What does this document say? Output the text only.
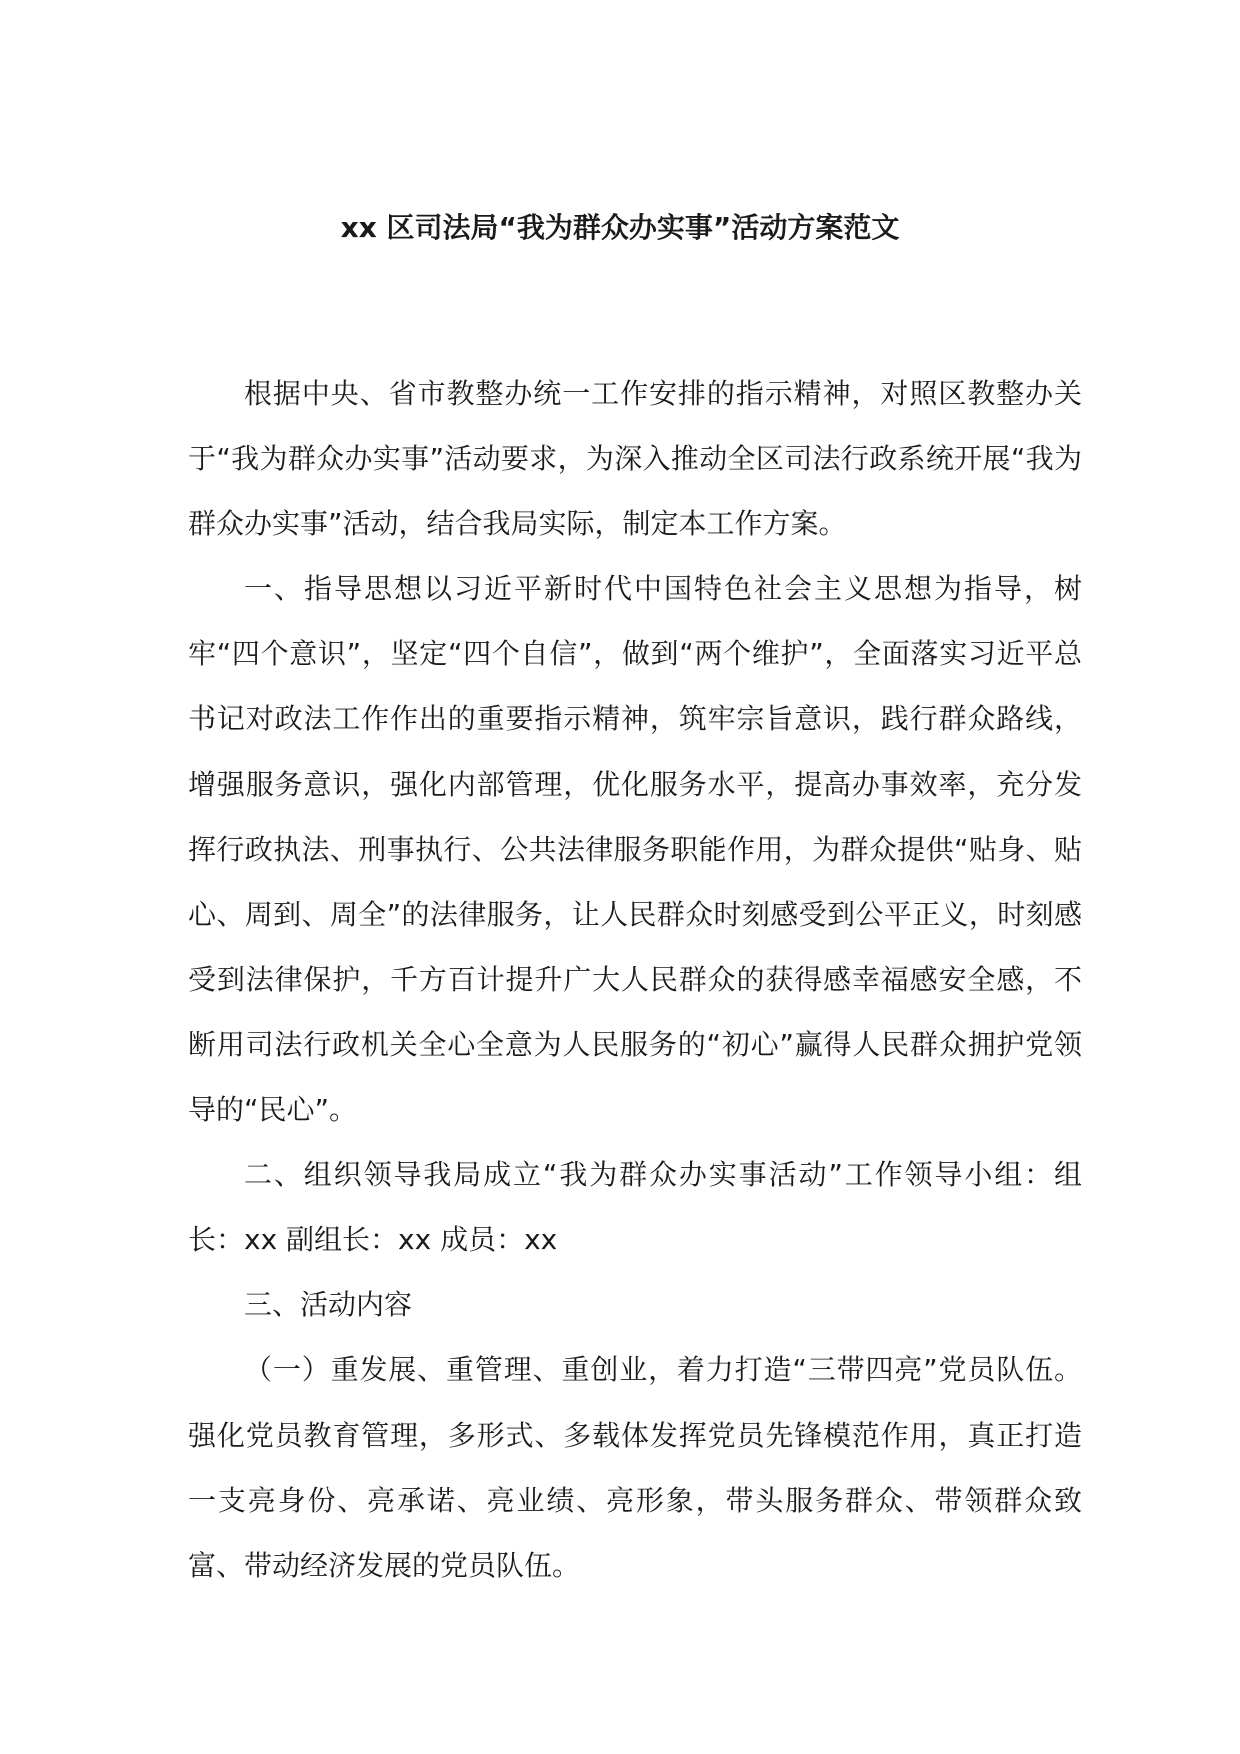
xx 区司法局“我为群众办实事”活动方案范文

根据中央、省市教整办统一工作安排的指示精神，对照区教整办关于“我为群众办实事”活动要求，为深入推动全区司法行政系统开展“我为群众办实事”活动，结合我局实际，制定本工作方案。

一、指导思想以习近平新时代中国特色社会主义思想为指导，树牢“四个意识”，坚定“四个自信”，做到“两个维护”，全面落实习近平总书记对政法工作作出的重要指示精神，筑牢宗旨意识，践行群众路线，增强服务意识，强化内部管理，优化服务水平，提高办事效率，充分发挥行政执法、刑事执行、公共法律服务职能作用，为群众提供“贴身、贴心、周到、周全”的法律服务，让人民群众时刻感受到公平正义，时刻感受到法律保护，千方百计提升广大人民群众的获得感幸福感安全感，不断用司法行政机关全心全意为人民服务的“初心”赢得人民群众拥护党领导的“民心”。

二、组织领导我局成立“我为群众办实事活动”工作领导小组：组长：xx 副组长：xx 成员：xx

三、活动内容

（一）重发展、重管理、重创业，着力打造“三带四亮”党员队伍。强化党员教育管理，多形式、多载体发挥党员先锋模范作用，真正打造一支亮身份、亮承诺、亮业绩、亮形象，带头服务群众、带领群众致富、带动经济发展的党员队伍。
